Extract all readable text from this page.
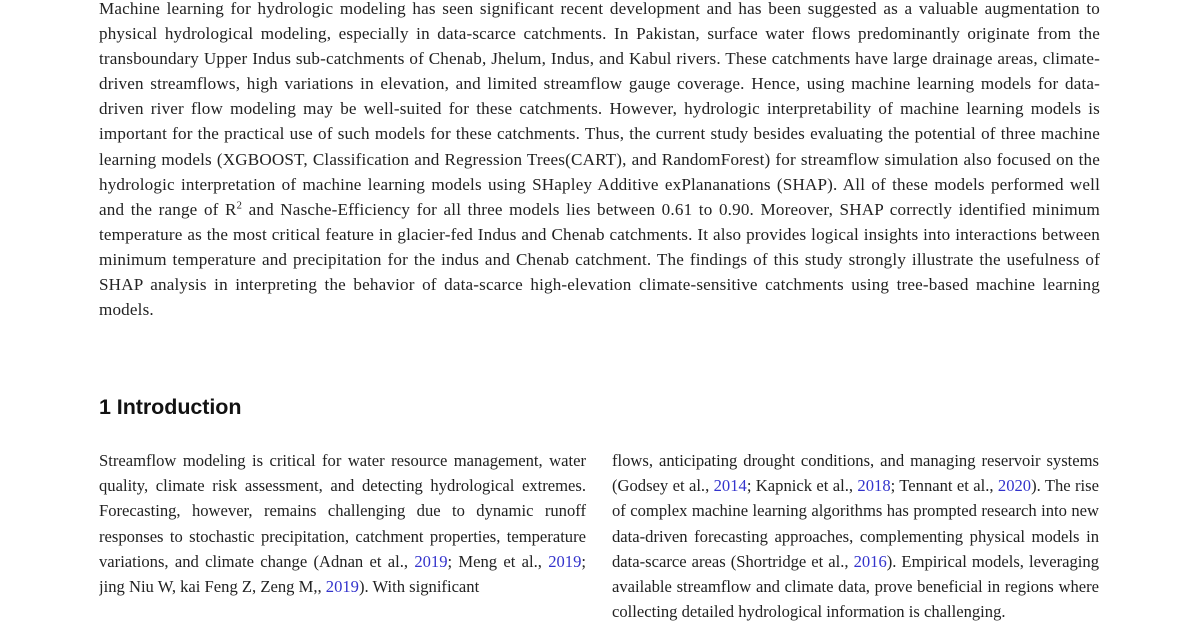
Machine learning for hydrologic modeling has seen significant recent development and has been suggested as a valuable augmentation to physical hydrological modeling, especially in data-scarce catchments. In Pakistan, surface water flows predominantly originate from the transboundary Upper Indus sub-catchments of Chenab, Jhelum, Indus, and Kabul rivers. These catchments have large drainage areas, climate-driven streamflows, high variations in elevation, and limited streamflow gauge coverage. Hence, using machine learning models for data-driven river flow modeling may be well-suited for these catchments. However, hydrologic interpretability of machine learning models is important for the practical use of such models for these catchments. Thus, the current study besides evaluating the potential of three machine learning models (XGBOOST, Classification and Regression Trees(CART), and RandomForest) for streamflow simulation also focused on the hydrologic interpretation of machine learning models using SHapley Additive exPlananations (SHAP). All of these models performed well and the range of $R^2$ and Nasche-Efficiency for all three models lies between 0.61 to 0.90. Moreover, SHAP correctly identified minimum temperature as the most critical feature in glacier-fed Indus and Chenab catchments. It also provides logical insights into interactions between minimum temperature and precipitation for the indus and Chenab catchment. The findings of this study strongly illustrate the usefulness of SHAP analysis in interpreting the behavior of data-scarce high-elevation climate-sensitive catchments using tree-based machine learning models.

1 Introduction

Streamflow modeling is critical for water resource management, water quality, climate risk assessment, and detecting hydrological extremes. Forecasting, however, remains challenging due to dynamic runoff responses to stochastic precipitation, catchment properties, temperature variations, and climate change (Adnan et al., 2019; Meng et al., 2019; jing Niu W, kai Feng Z, Zeng M,, 2019). With significant

flows, anticipating drought conditions, and managing reservoir systems (Godsey et al., 2014; Kapnick et al., 2018; Tennant et al., 2020). The rise of complex machine learning algorithms has prompted research into new data-driven forecasting approaches, complementing physical models in data-scarce areas (Shortridge et al., 2016). Empirical models, leveraging available streamflow and climate data, prove beneficial in regions where collecting detailed hydrological information is challenging.
